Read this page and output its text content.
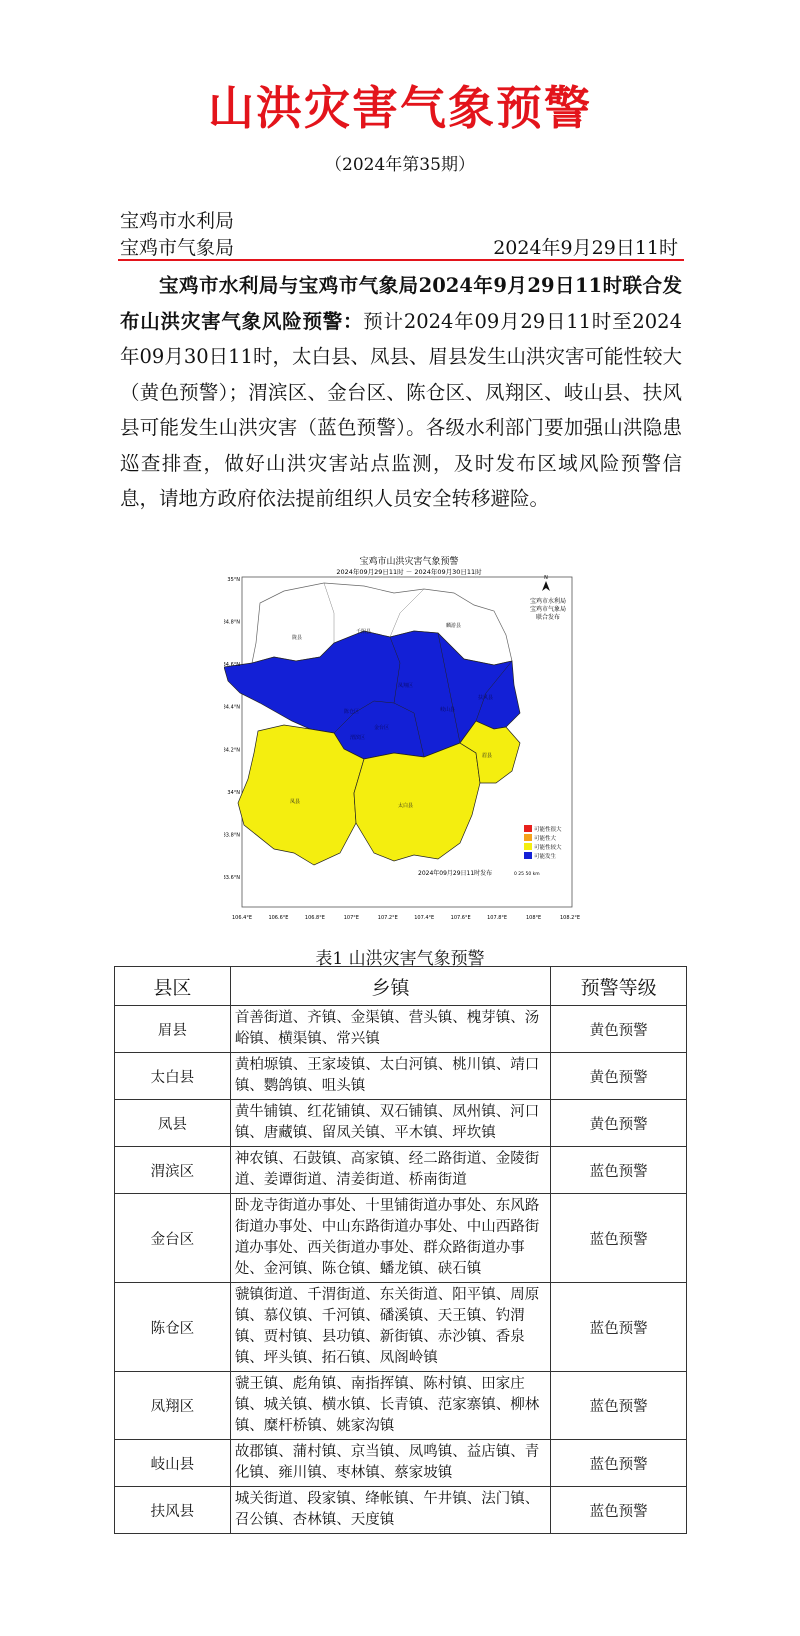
山洪灾害气象预警
（2024年第35期）
宝鸡市水利局
宝鸡市气象局	2024年9月29日11时
宝鸡市水利局与宝鸡市气象局2024年9月29日11时联合发布山洪灾害气象风险预警：预计2024年09月29日11时至2024年09月30日11时，太白县、凤县、眉县发生山洪灾害可能性较大（黄色预警）；渭滨区、金台区、陈仓区、凤翔区、岐山县、扶风县可能发生山洪灾害（蓝色预警）。各级水利部门要加强山洪隐患巡查排查，做好山洪灾害站点监测，及时发布区域风险预警信息，请地方政府依法提前组织人员安全转移避险。
宝鸡市山洪灾害气象预警
2024年09月29日11时 － 2024年09月30日11时
陇县
千阳县
麟游县
凤翔区
陈仓区
金台区
渭滨区
岐山县
扶风县
眉县
凤县
太白县
N
宝鸡市水利局
宝鸡市气象局
联合发布
可能性很大
可能性大
可能性较大
可能发生
2024年09月29日11时发布	0 25 50 km
35°N
34.8°N
34.6°N
34.4°N
34.2°N
34°N
33.8°N
33.6°N
106.4°E	106.6°E	106.8°E	107°E	107.2°E	107.4°E	107.6°E	107.8°E	108°E	108.2°E
表1 山洪灾害气象预警
县区	乡镇	预警等级
眉县	首善街道、齐镇、金渠镇、营头镇、槐芽镇、汤峪镇、横渠镇、常兴镇	黄色预警
太白县	黄柏塬镇、王家堎镇、太白河镇、桃川镇、靖口镇、鹦鸽镇、咀头镇	黄色预警
凤县	黄牛铺镇、红花铺镇、双石铺镇、凤州镇、河口镇、唐藏镇、留凤关镇、平木镇、坪坎镇	黄色预警
渭滨区	神农镇、石鼓镇、高家镇、经二路街道、金陵街道、姜谭街道、清姜街道、桥南街道	蓝色预警
金台区	卧龙寺街道办事处、十里铺街道办事处、东风路街道办事处、中山东路街道办事处、中山西路街道办事处、西关街道办事处、群众路街道办事处、金河镇、陈仓镇、蟠龙镇、硖石镇	蓝色预警
陈仓区	虢镇街道、千渭街道、东关街道、阳平镇、周原镇、慕仪镇、千河镇、磻溪镇、天王镇、钓渭镇、贾村镇、县功镇、新街镇、赤沙镇、香泉镇、坪头镇、拓石镇、凤阁岭镇	蓝色预警
凤翔区	虢王镇、彪角镇、南指挥镇、陈村镇、田家庄镇、城关镇、横水镇、长青镇、范家寨镇、柳林镇、糜杆桥镇、姚家沟镇	蓝色预警
岐山县	故郡镇、蒲村镇、京当镇、凤鸣镇、益店镇、青化镇、雍川镇、枣林镇、蔡家坡镇	蓝色预警
扶风县	城关街道、段家镇、绛帐镇、午井镇、法门镇、召公镇、杏林镇、天度镇	蓝色预警
